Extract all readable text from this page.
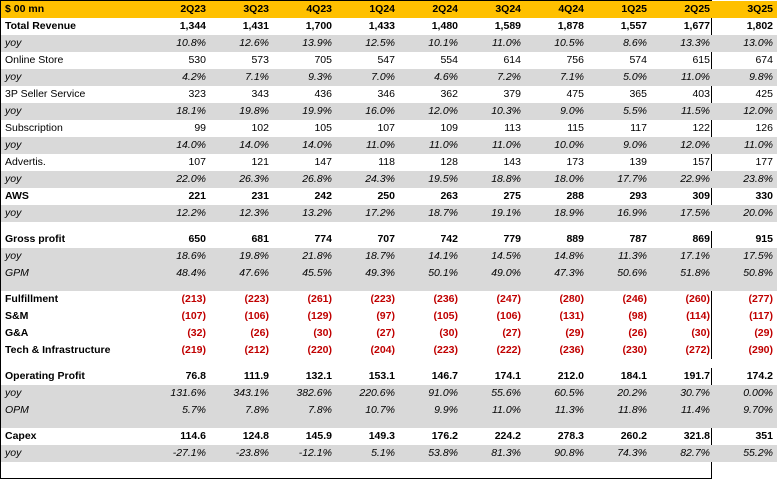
$ 00 mn	2Q23	3Q23	4Q23	1Q24	2Q24	3Q24	4Q24	1Q25	2Q25	3Q25
Total Revenue	1,344	1,431	1,700	1,433	1,480	1,589	1,878	1,557	1,677	1,802
yoy	10.8%	12.6%	13.9%	12.5%	10.1%	11.0%	10.5%	8.6%	13.3%	13.0%
Online Store	530	573	705	547	554	614	756	574	615	674
yoy	4.2%	7.1%	9.3%	7.0%	4.6%	7.2%	7.1%	5.0%	11.0%	9.8%
3P Seller Service	323	343	436	346	362	379	475	365	403	425
yoy	18.1%	19.8%	19.9%	16.0%	12.0%	10.3%	9.0%	5.5%	11.5%	12.0%
Subscription	99	102	105	107	109	113	115	117	122	126
yoy	14.0%	14.0%	14.0%	11.0%	11.0%	11.0%	10.0%	9.0%	12.0%	11.0%
Advertis.	107	121	147	118	128	143	173	139	157	177
yoy	22.0%	26.3%	26.8%	24.3%	19.5%	18.8%	18.0%	17.7%	22.9%	23.8%
AWS	221	231	242	250	263	275	288	293	309	330
yoy	12.2%	12.3%	13.2%	17.2%	18.7%	19.1%	18.9%	16.9%	17.5%	20.0%

Gross profit	650	681	774	707	742	779	889	787	869	915
yoy	18.6%	19.8%	21.8%	18.7%	14.1%	14.5%	14.8%	11.3%	17.1%	17.5%
GPM	48.4%	47.6%	45.5%	49.3%	50.1%	49.0%	47.3%	50.6%	51.8%	50.8%

Fulfillment	(213)	(223)	(261)	(223)	(236)	(247)	(280)	(246)	(260)	(277)
S&M	(107)	(106)	(129)	(97)	(105)	(106)	(131)	(98)	(114)	(117)
G&A	(32)	(26)	(30)	(27)	(30)	(27)	(29)	(26)	(30)	(29)
Tech & Infrastructure	(219)	(212)	(220)	(204)	(223)	(222)	(236)	(230)	(272)	(290)

Operating Profit	76.8	111.9	132.1	153.1	146.7	174.1	212.0	184.1	191.7	174.2
yoy	131.6%	343.1%	382.6%	220.6%	91.0%	55.6%	60.5%	20.2%	30.7%	0.00%
OPM	5.7%	7.8%	7.8%	10.7%	9.9%	11.0%	11.3%	11.8%	11.4%	9.70%

Capex	114.6	124.8	145.9	149.3	176.2	224.2	278.3	260.2	321.8	351
yoy	-27.1%	-23.8%	-12.1%	5.1%	53.8%	81.3%	90.8%	74.3%	82.7%	55.2%
